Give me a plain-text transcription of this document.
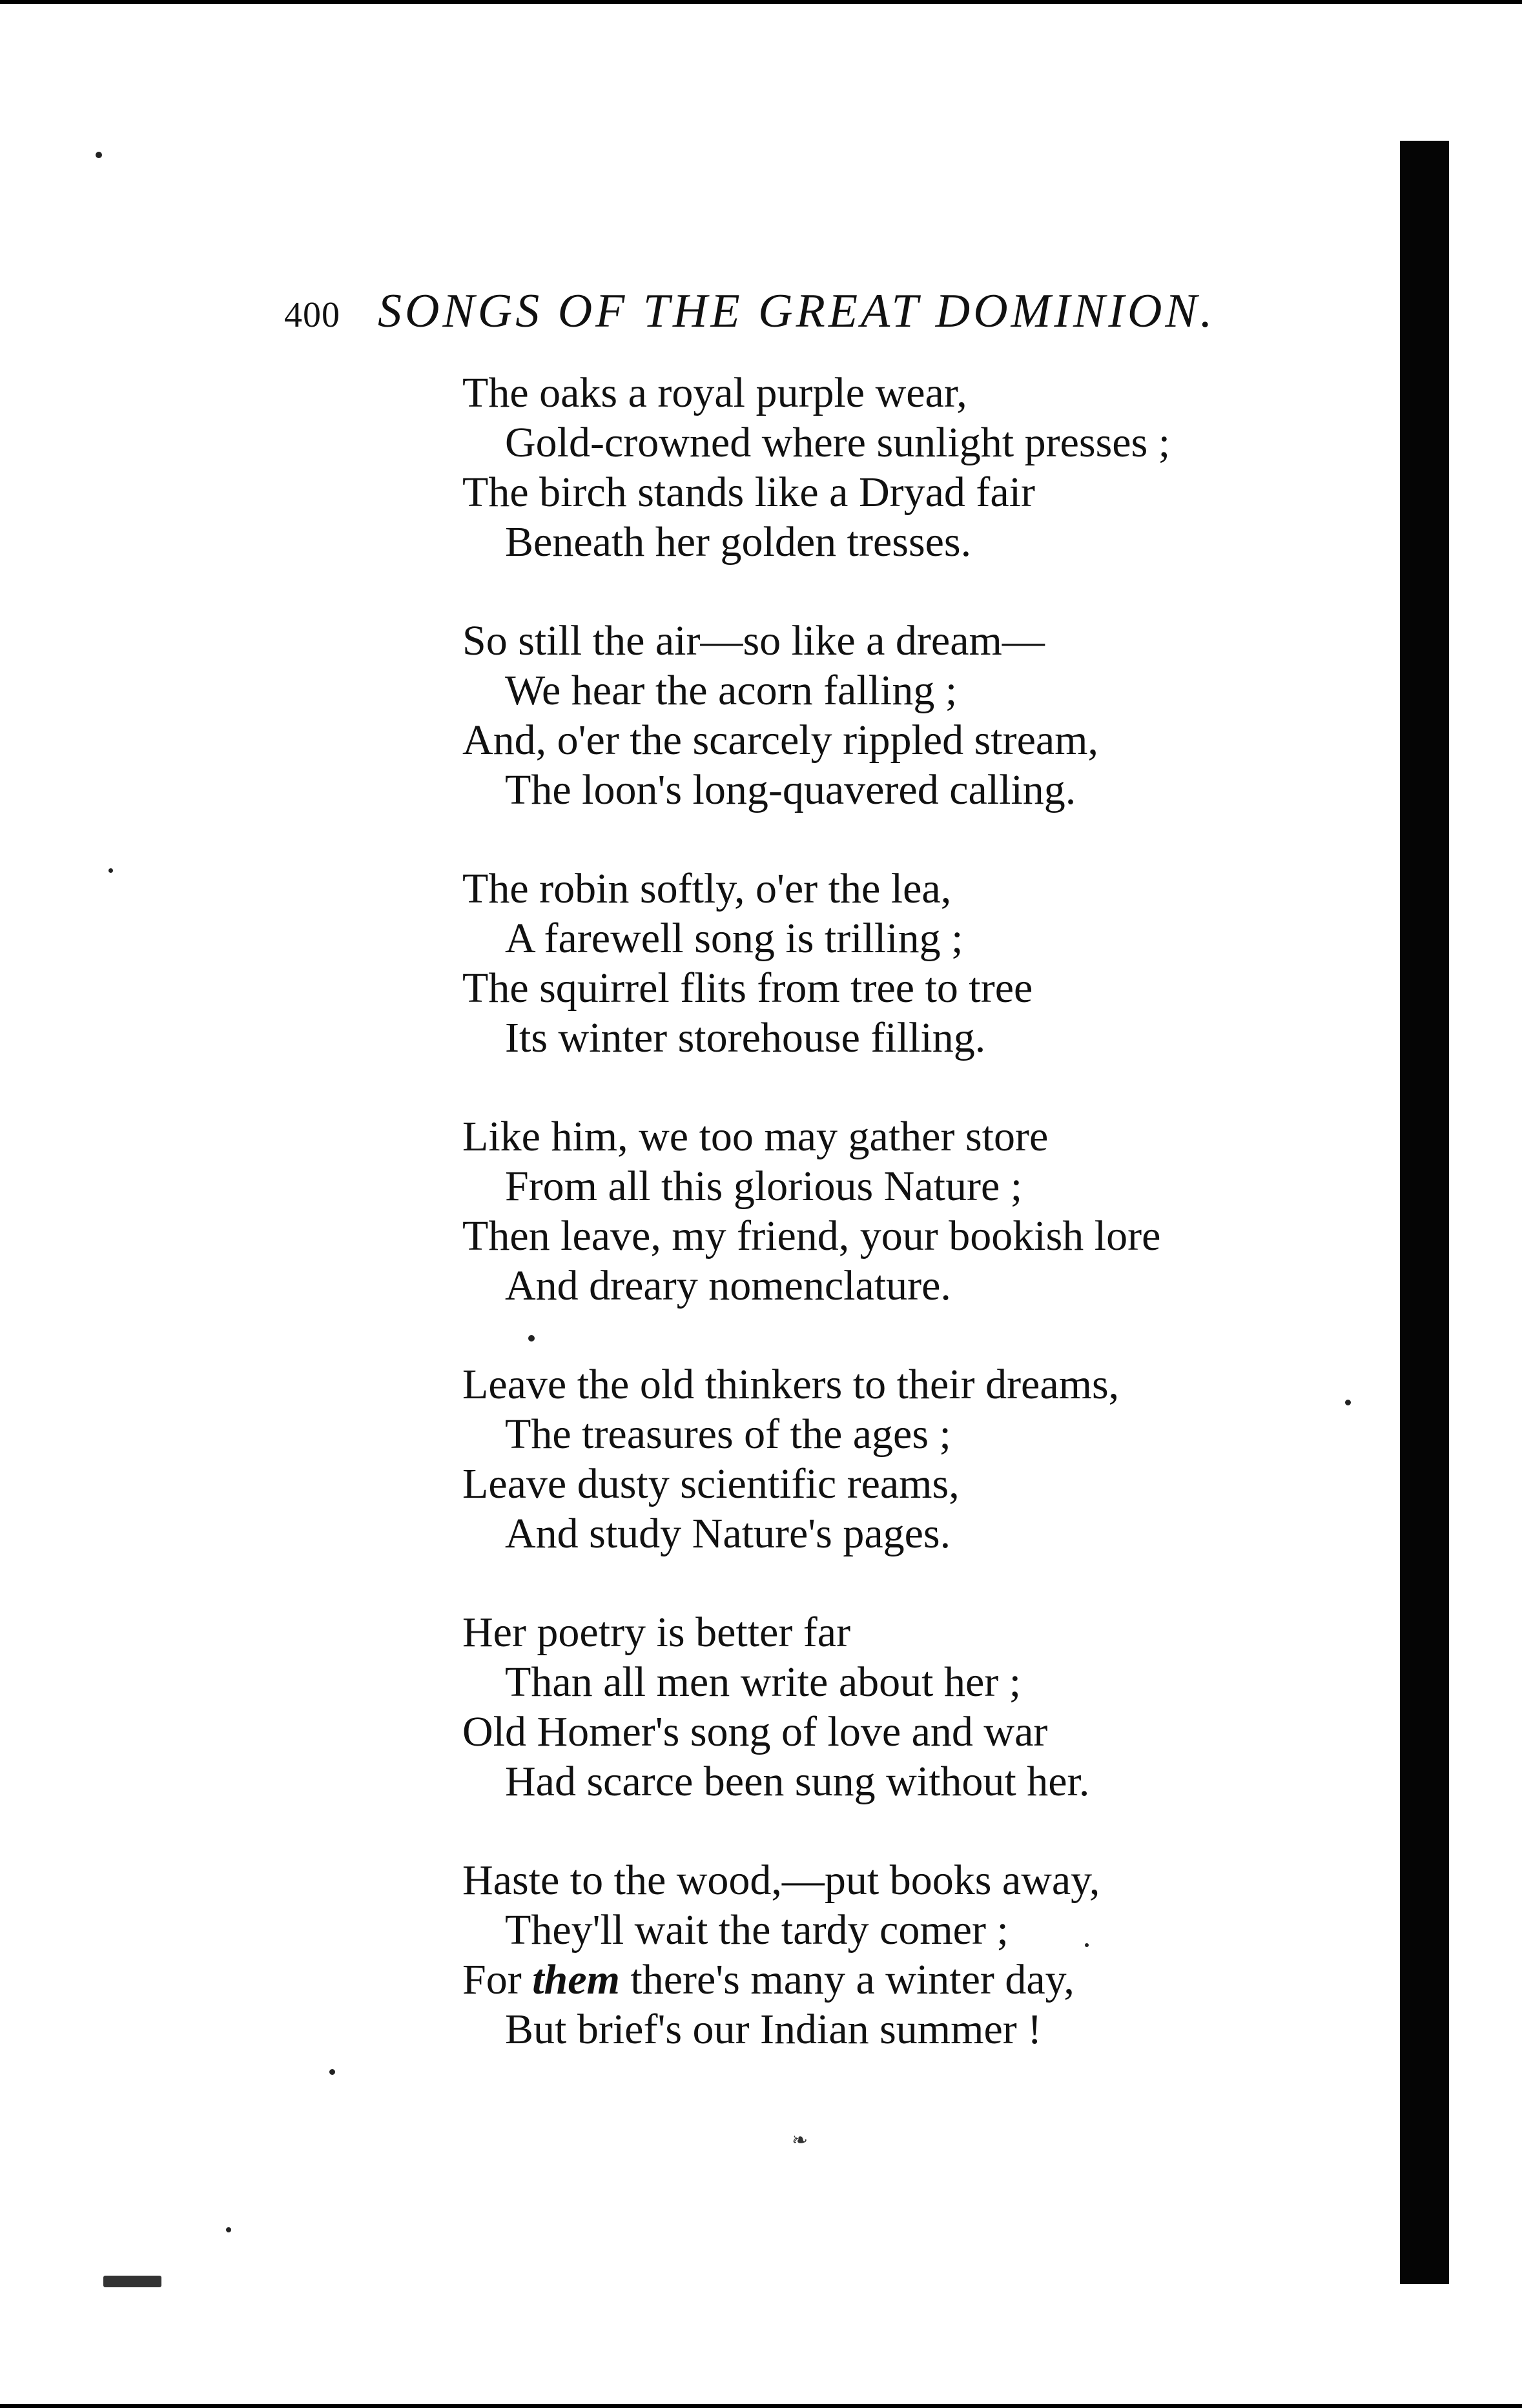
400 SONGS OF THE GREAT DOMINION.
The oaks a royal purple wear,
Gold-crowned where sunlight presses ;
The birch stands like a Dryad fair
Beneath her golden tresses.
So still the air—so like a dream—
We hear the acorn falling ;
And, o'er the scarcely rippled stream,
The loon's long-quavered calling.
The robin softly, o'er the lea,
A farewell song is trilling ;
The squirrel flits from tree to tree
Its winter storehouse filling.
Like him, we too may gather store
From all this glorious Nature ;
Then leave, my friend, your bookish lore
And dreary nomenclature.
Leave the old thinkers to their dreams,
The treasures of the ages ;
Leave dusty scientific reams,
And study Nature's pages.
Her poetry is better far
Than all men write about her ;
Old Homer's song of love and war
Had scarce been sung without her.
Haste to the wood,—put books away,
They'll wait the tardy comer ;
For them there's many a winter day,
But brief's our Indian summer !
❧
